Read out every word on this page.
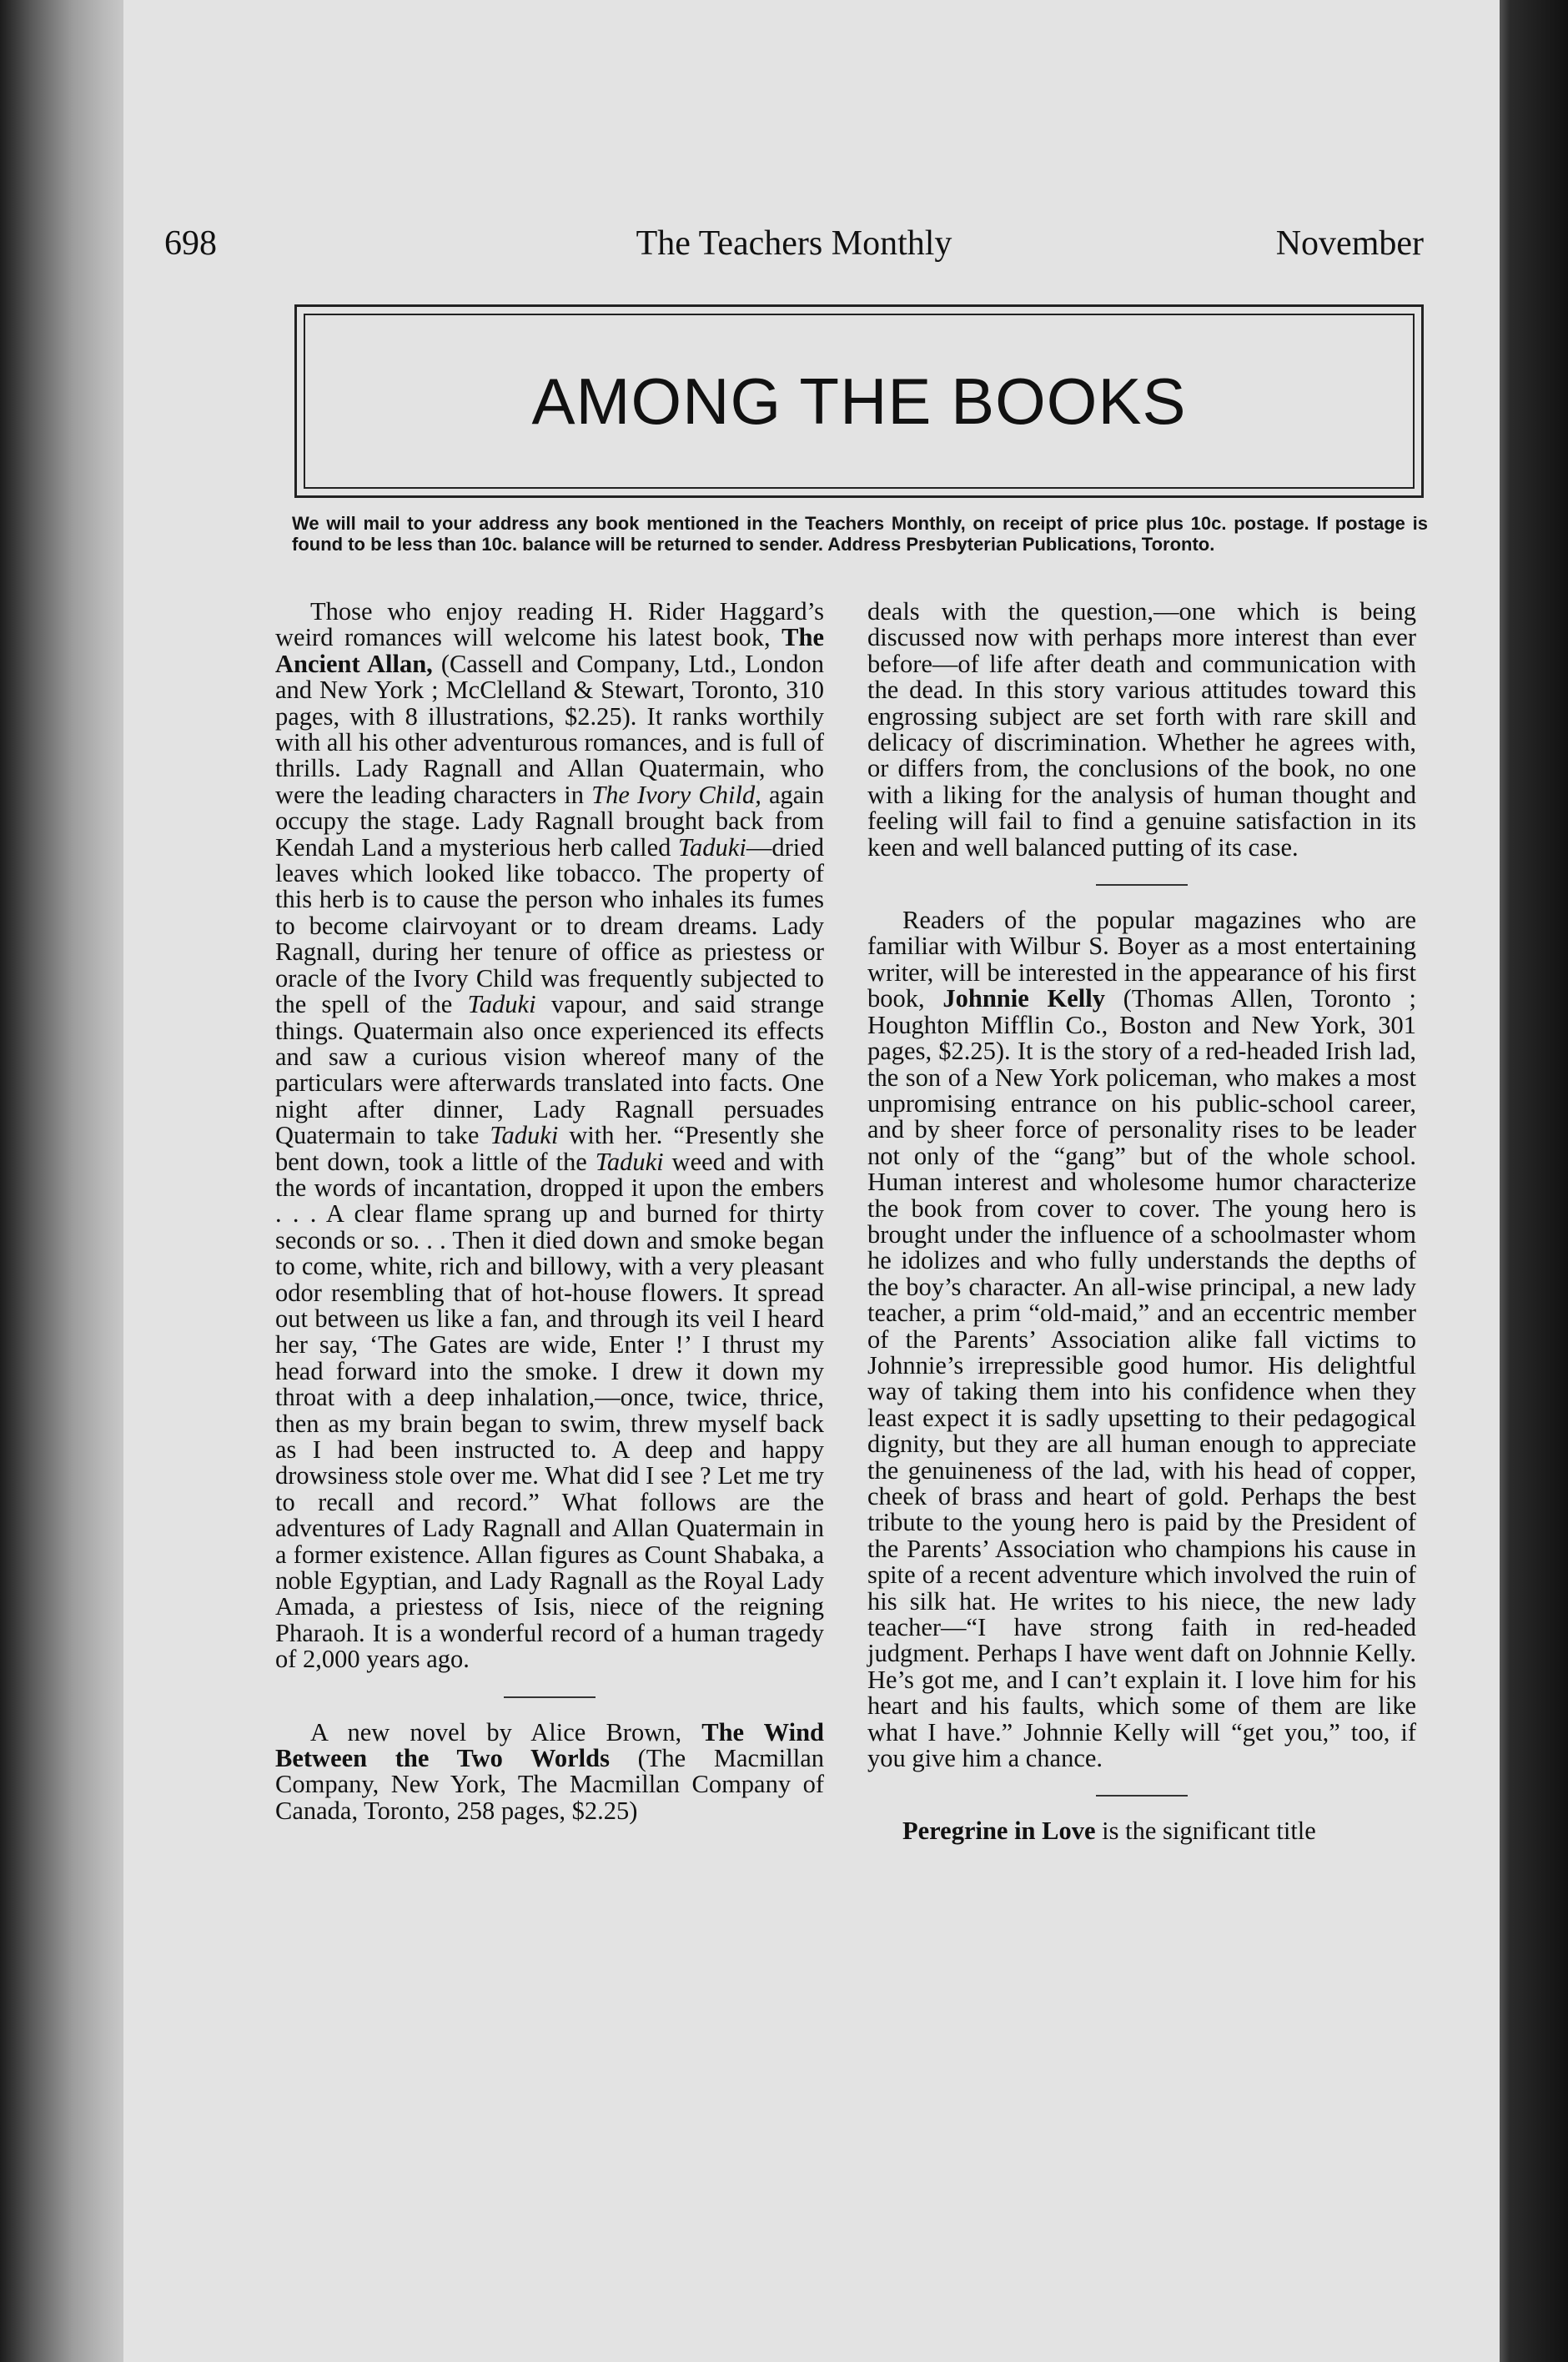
698	The Teachers Monthly	November
AMONG THE BOOKS
We will mail to your address any book mentioned in the Teachers Monthly, on receipt of price plus 10c. postage. If postage is found to be less than 10c. balance will be returned to sender. Address Presbyterian Publications, Toronto.

Those who enjoy reading H. Rider Haggard’s weird romances will welcome his latest book, The Ancient Allan, (Cassell and Company, Ltd., London and New York ; McClelland & Stewart, Toronto, 310 pages, with 8 illustrations, $2.25). It ranks worthily with all his other adventurous romances, and is full of thrills. Lady Ragnall and Allan Quatermain, who were the leading characters in The Ivory Child, again occupy the stage. Lady Ragnall brought back from Kendah Land a mysterious herb called Taduki—dried leaves which looked like tobacco. The property of this herb is to cause the person who inhales its fumes to become clairvoyant or to dream dreams. Lady Ragnall, during her tenure of office as priestess or oracle of the Ivory Child was frequently subjected to the spell of the Taduki vapour, and said strange things. Quatermain also once experienced its effects and saw a curious vision whereof many of the particulars were afterwards translated into facts. One night after dinner, Lady Ragnall persuades Quatermain to take Taduki with her. “Presently she bent down, took a little of the Taduki weed and with the words of incantation, dropped it upon the embers . . . A clear flame sprang up and burned for thirty seconds or so. . . Then it died down and smoke began to come, white, rich and billowy, with a very pleasant odor resembling that of hot-house flowers. It spread out between us like a fan, and through its veil I heard her say, ‘The Gates are wide, Enter !’ I thrust my head forward into the smoke. I drew it down my throat with a deep inhalation,—once, twice, thrice, then as my brain began to swim, threw myself back as I had been instructed to. A deep and happy drowsiness stole over me. What did I see ? Let me try to recall and record.” What follows are the adventures of Lady Ragnall and Allan Quatermain in a former existence. Allan figures as Count Shabaka, a noble Egyptian, and Lady Ragnall as the Royal Lady Amada, a priestess of Isis, niece of the reigning Pharaoh. It is a wonderful record of a human tragedy of 2,000 years ago.

A new novel by Alice Brown, The Wind Between the Two Worlds (The Macmillan Company, New York, The Macmillan Company of Canada, Toronto, 258 pages, $2.25)

deals with the question,—one which is being discussed now with perhaps more interest than ever before—of life after death and communication with the dead. In this story various attitudes toward this engrossing subject are set forth with rare skill and delicacy of discrimination. Whether he agrees with, or differs from, the conclusions of the book, no one with a liking for the analysis of human thought and feeling will fail to find a genuine satisfaction in its keen and well balanced putting of its case.

Readers of the popular magazines who are familiar with Wilbur S. Boyer as a most entertaining writer, will be interested in the appearance of his first book, Johnnie Kelly (Thomas Allen, Toronto ; Houghton Mifflin Co., Boston and New York, 301 pages, $2.25). It is the story of a red-headed Irish lad, the son of a New York policeman, who makes a most unpromising entrance on his public-school career, and by sheer force of personality rises to be leader not only of the “gang” but of the whole school. Human interest and wholesome humor characterize the book from cover to cover. The young hero is brought under the influence of a schoolmaster whom he idolizes and who fully understands the depths of the boy’s character. An all-wise principal, a new lady teacher, a prim “old-maid,” and an eccentric member of the Parents’ Association alike fall victims to Johnnie’s irrepressible good humor. His delightful way of taking them into his confidence when they least expect it is sadly upsetting to their pedagogical dignity, but they are all human enough to appreciate the genuineness of the lad, with his head of copper, cheek of brass and heart of gold. Perhaps the best tribute to the young hero is paid by the President of the Parents’ Association who champions his cause in spite of a recent adventure which involved the ruin of his silk hat. He writes to his niece, the new lady teacher—“I have strong faith in red-headed judgment. Perhaps I have went daft on Johnnie Kelly. He’s got me, and I can’t explain it. I love him for his heart and his faults, which some of them are like what I have.” Johnnie Kelly will “get you,” too, if you give him a chance.

Peregrine in Love is the significant title
